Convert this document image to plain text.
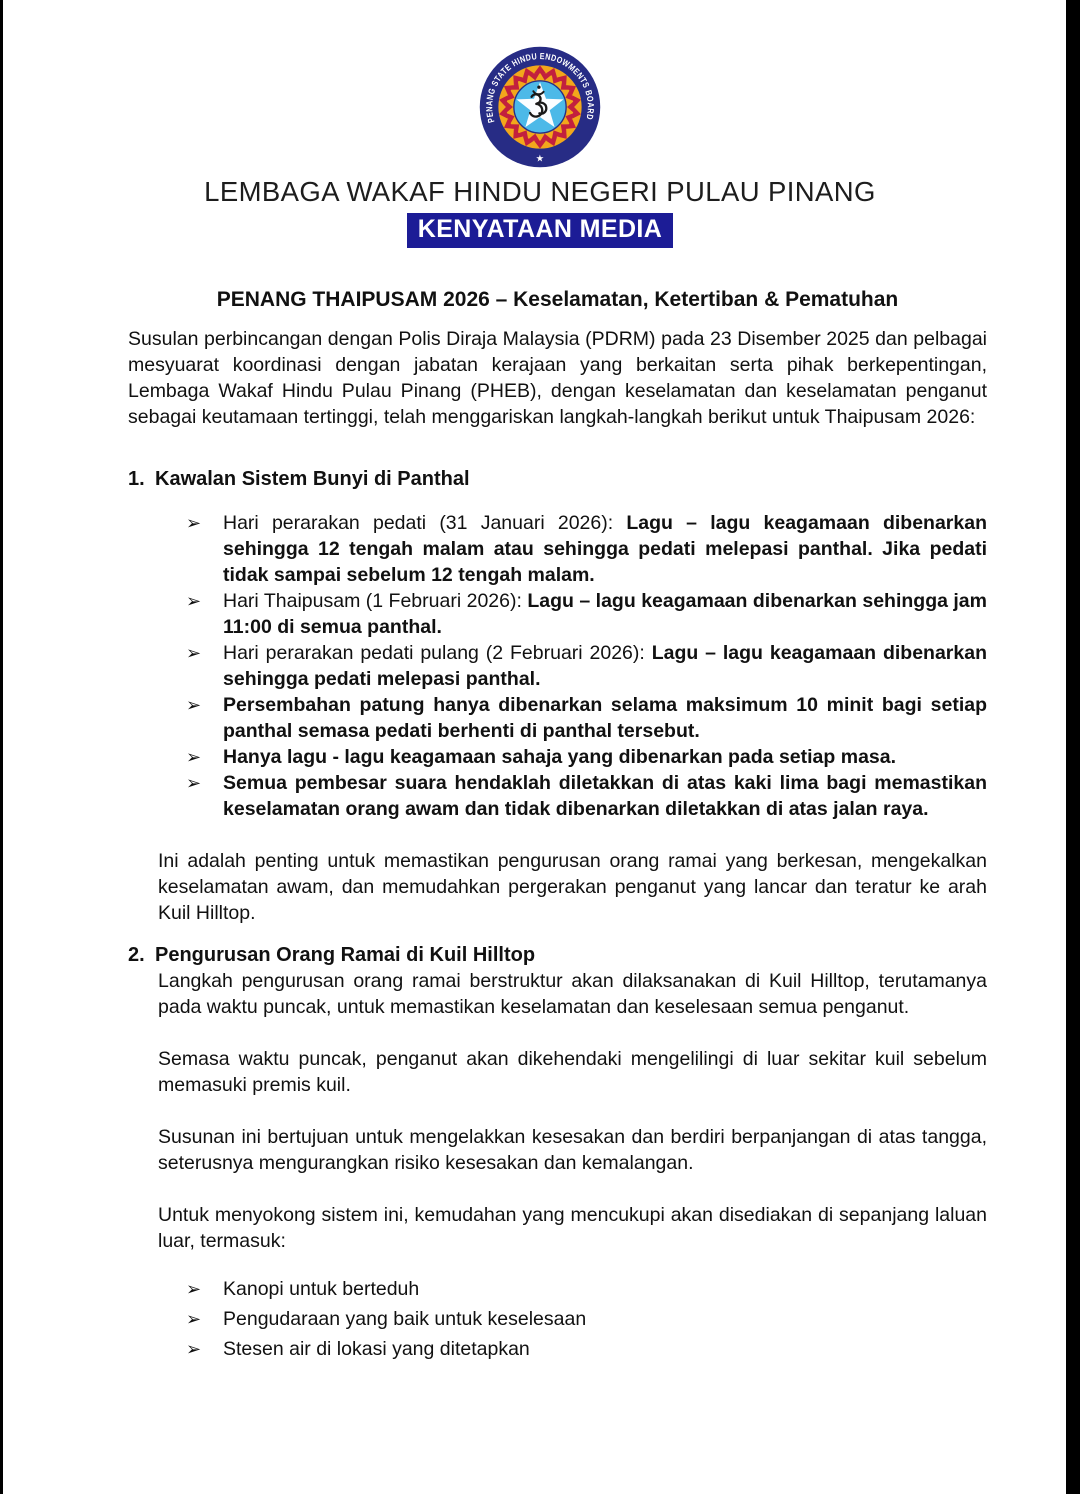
PENANG STATE HINDU ENDOWMENTS BOARD
★
LEMBAGA WAKAF HINDU NEGERI PULAU PINANG
KENYATAAN MEDIA
PENANG THAIPUSAM 2026 – Keselamatan, Ketertiban & Pematuhan

Susulan perbincangan dengan Polis Diraja Malaysia (PDRM) pada 23 Disember 2025 dan pelbagai mesyuarat koordinasi dengan jabatan kerajaan yang berkaitan serta pihak berkepentingan, Lembaga Wakaf Hindu Pulau Pinang (PHEB), dengan keselamatan dan keselamatan penganut sebagai keutamaan tertinggi, telah menggariskan langkah-langkah berikut untuk Thaipusam 2026:

1. Kawalan Sistem Bunyi di Panthal
➢ Hari perarakan pedati (31 Januari 2026): Lagu – lagu keagamaan dibenarkan sehingga 12 tengah malam atau sehingga pedati melepasi panthal. Jika pedati tidak sampai sebelum 12 tengah malam.
➢ Hari Thaipusam (1 Februari 2026): Lagu – lagu keagamaan dibenarkan sehingga jam 11:00 di semua panthal.
➢ Hari perarakan pedati pulang (2 Februari 2026): Lagu – lagu keagamaan dibenarkan sehingga pedati melepasi panthal.
➢ Persembahan patung hanya dibenarkan selama maksimum 10 minit bagi setiap panthal semasa pedati berhenti di panthal tersebut.
➢ Hanya lagu - lagu keagamaan sahaja yang dibenarkan pada setiap masa.
➢ Semua pembesar suara hendaklah diletakkan di atas kaki lima bagi memastikan keselamatan orang awam dan tidak dibenarkan diletakkan di atas jalan raya.

Ini adalah penting untuk memastikan pengurusan orang ramai yang berkesan, mengekalkan keselamatan awam, dan memudahkan pergerakan penganut yang lancar dan teratur ke arah Kuil Hilltop.

2. Pengurusan Orang Ramai di Kuil Hilltop

Langkah pengurusan orang ramai berstruktur akan dilaksanakan di Kuil Hilltop, terutamanya pada waktu puncak, untuk memastikan keselamatan dan keselesaan semua penganut.

Semasa waktu puncak, penganut akan dikehendaki mengelilingi di luar sekitar kuil sebelum memasuki premis kuil.

Susunan ini bertujuan untuk mengelakkan kesesakan dan berdiri berpanjangan di atas tangga, seterusnya mengurangkan risiko kesesakan dan kemalangan.

Untuk menyokong sistem ini, kemudahan yang mencukupi akan disediakan di sepanjang laluan luar, termasuk:

➢ Kanopi untuk berteduh
➢ Pengudaraan yang baik untuk keselesaan
➢ Stesen air di lokasi yang ditetapkan
